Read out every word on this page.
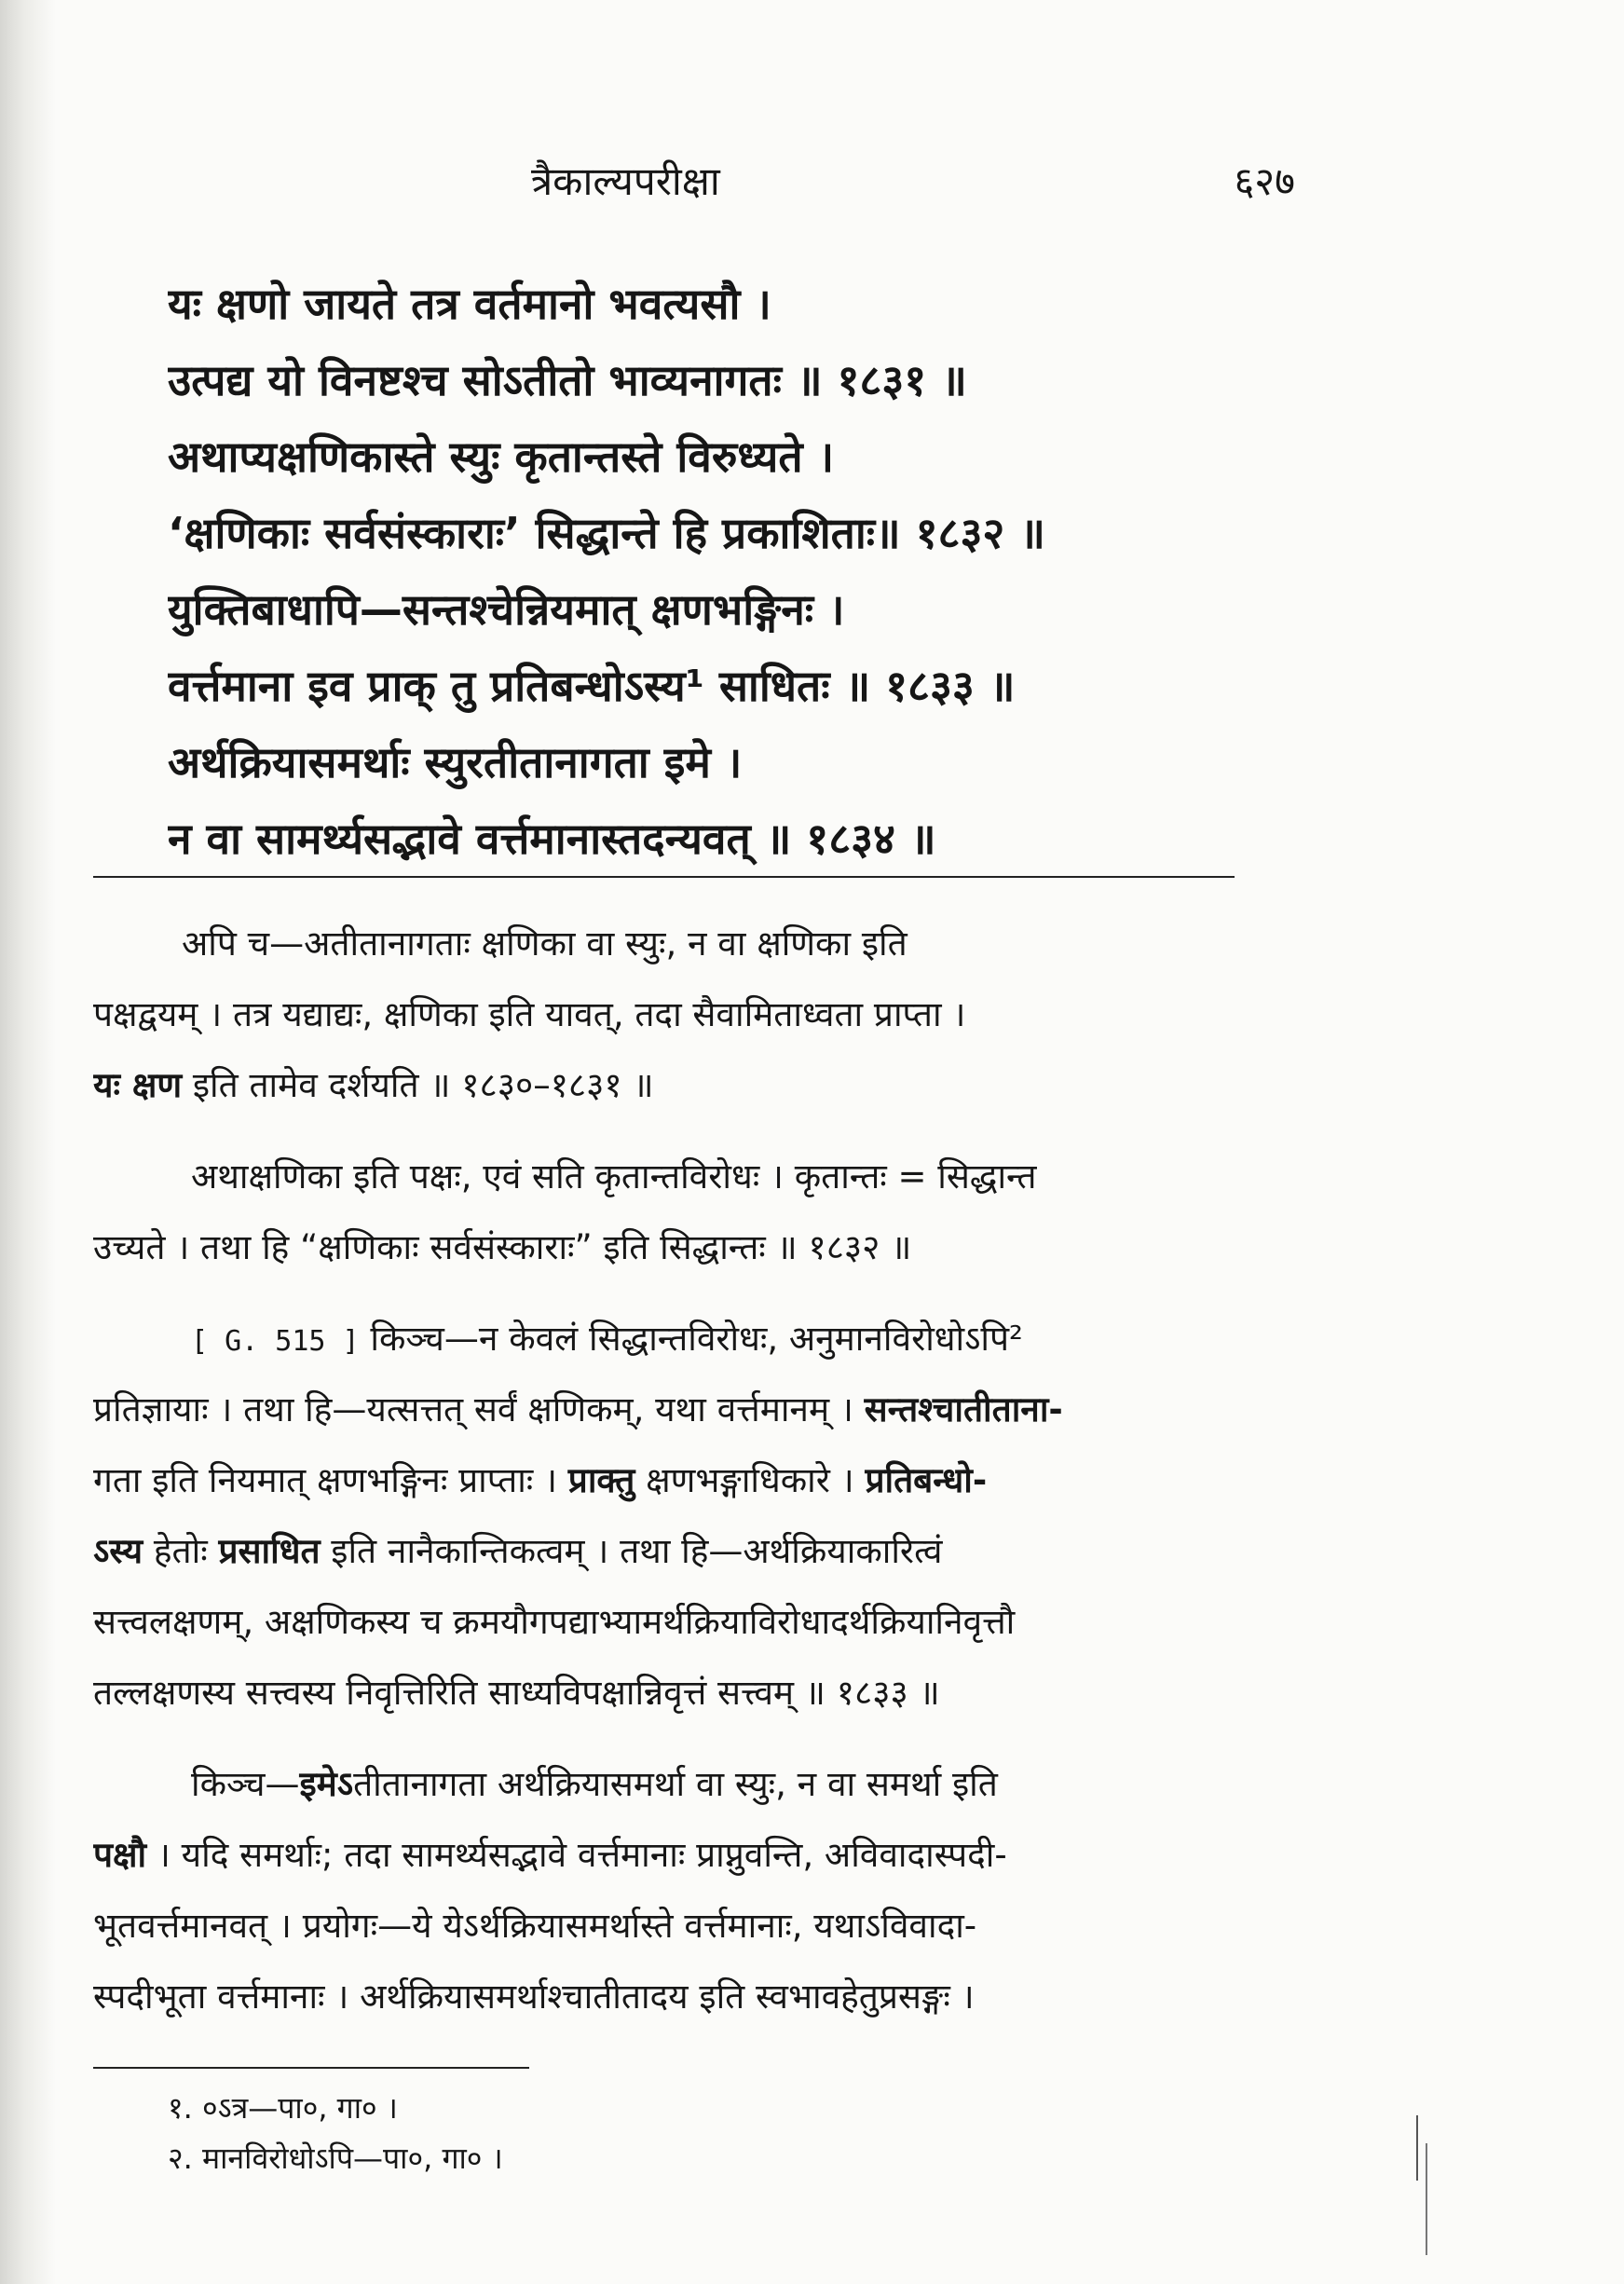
त्रैकाल्यपरीक्षा	६२७
यः क्षणो जायते तत्र वर्तमानो भवत्यसौ ।
उत्पद्य यो विनष्टश्च सोऽतीतो भाव्यनागतः ॥ १८३१ ॥
अथाप्यक्षणिकास्ते स्युः कृतान्तस्ते विरुध्यते ।
‘क्षणिकाः सर्वसंस्काराः’ सिद्धान्ते हि प्रकाशिताः॥ १८३२ ॥
युक्तिबाधापि—सन्तश्चेन्नियमात् क्षणभङ्गिनः ।
वर्त्तमाना इव प्राक् तु प्रतिबन्धोऽस्य¹ साधितः ॥ १८३३ ॥
अर्थक्रियासमर्थाः स्युरतीतानागता इमे ।
न वा सामर्थ्यसद्भावे वर्त्तमानास्तदन्यवत् ॥ १८३४ ॥
अपि च—अतीतानागताः क्षणिका वा स्युः, न वा क्षणिका इति
पक्षद्वयम् । तत्र यद्याद्यः, क्षणिका इति यावत्, तदा सैवामिताध्वता प्राप्ता ।
यः क्षण इति तामेव दर्शयति ॥ १८३०–१८३१ ॥
अथाक्षणिका इति पक्षः, एवं सति कृतान्तविरोधः । कृतान्तः = सिद्धान्त
उच्यते । तथा हि “क्षणिकाः सर्वसंस्काराः” इति सिद्धान्तः ॥ १८३२ ॥
[ G. 515 ] किञ्च—न केवलं सिद्धान्तविरोधः, अनुमानविरोधोऽपि²
प्रतिज्ञायाः । तथा हि—यत्सत्तत् सर्वं क्षणिकम्, यथा वर्त्तमानम् । सन्तश्चातीताना-
गता इति नियमात् क्षणभङ्गिनः प्राप्ताः । प्राक्तु क्षणभङ्गाधिकारे । प्रतिबन्धो-
ऽस्य हेतोः प्रसाधित इति नानैकान्तिकत्वम् । तथा हि—अर्थक्रियाकारित्वं
सत्त्वलक्षणम्, अक्षणिकस्य च क्रमयौगपद्याभ्यामर्थक्रियाविरोधादर्थक्रियानिवृत्तौ
तल्लक्षणस्य सत्त्वस्य निवृत्तिरिति साध्यविपक्षान्निवृत्तं सत्त्वम् ॥ १८३३ ॥
किञ्च—इमेऽतीतानागता अर्थक्रियासमर्था वा स्युः, न वा समर्था इति
पक्षौ । यदि समर्थाः; तदा सामर्थ्यसद्भावे वर्त्तमानाः प्राप्नुवन्ति, अविवादास्पदी-
भूतवर्त्तमानवत् । प्रयोगः—ये येऽर्थक्रियासमर्थास्ते वर्त्तमानाः, यथाऽविवादा-
स्पदीभूता वर्त्तमानाः । अर्थक्रियासमर्थाश्चातीतादय इति स्वभावहेतुप्रसङ्गः ।
१. ०ऽत्र—पा०, गा० ।
२. मानविरोधोऽपि—पा०, गा० ।
